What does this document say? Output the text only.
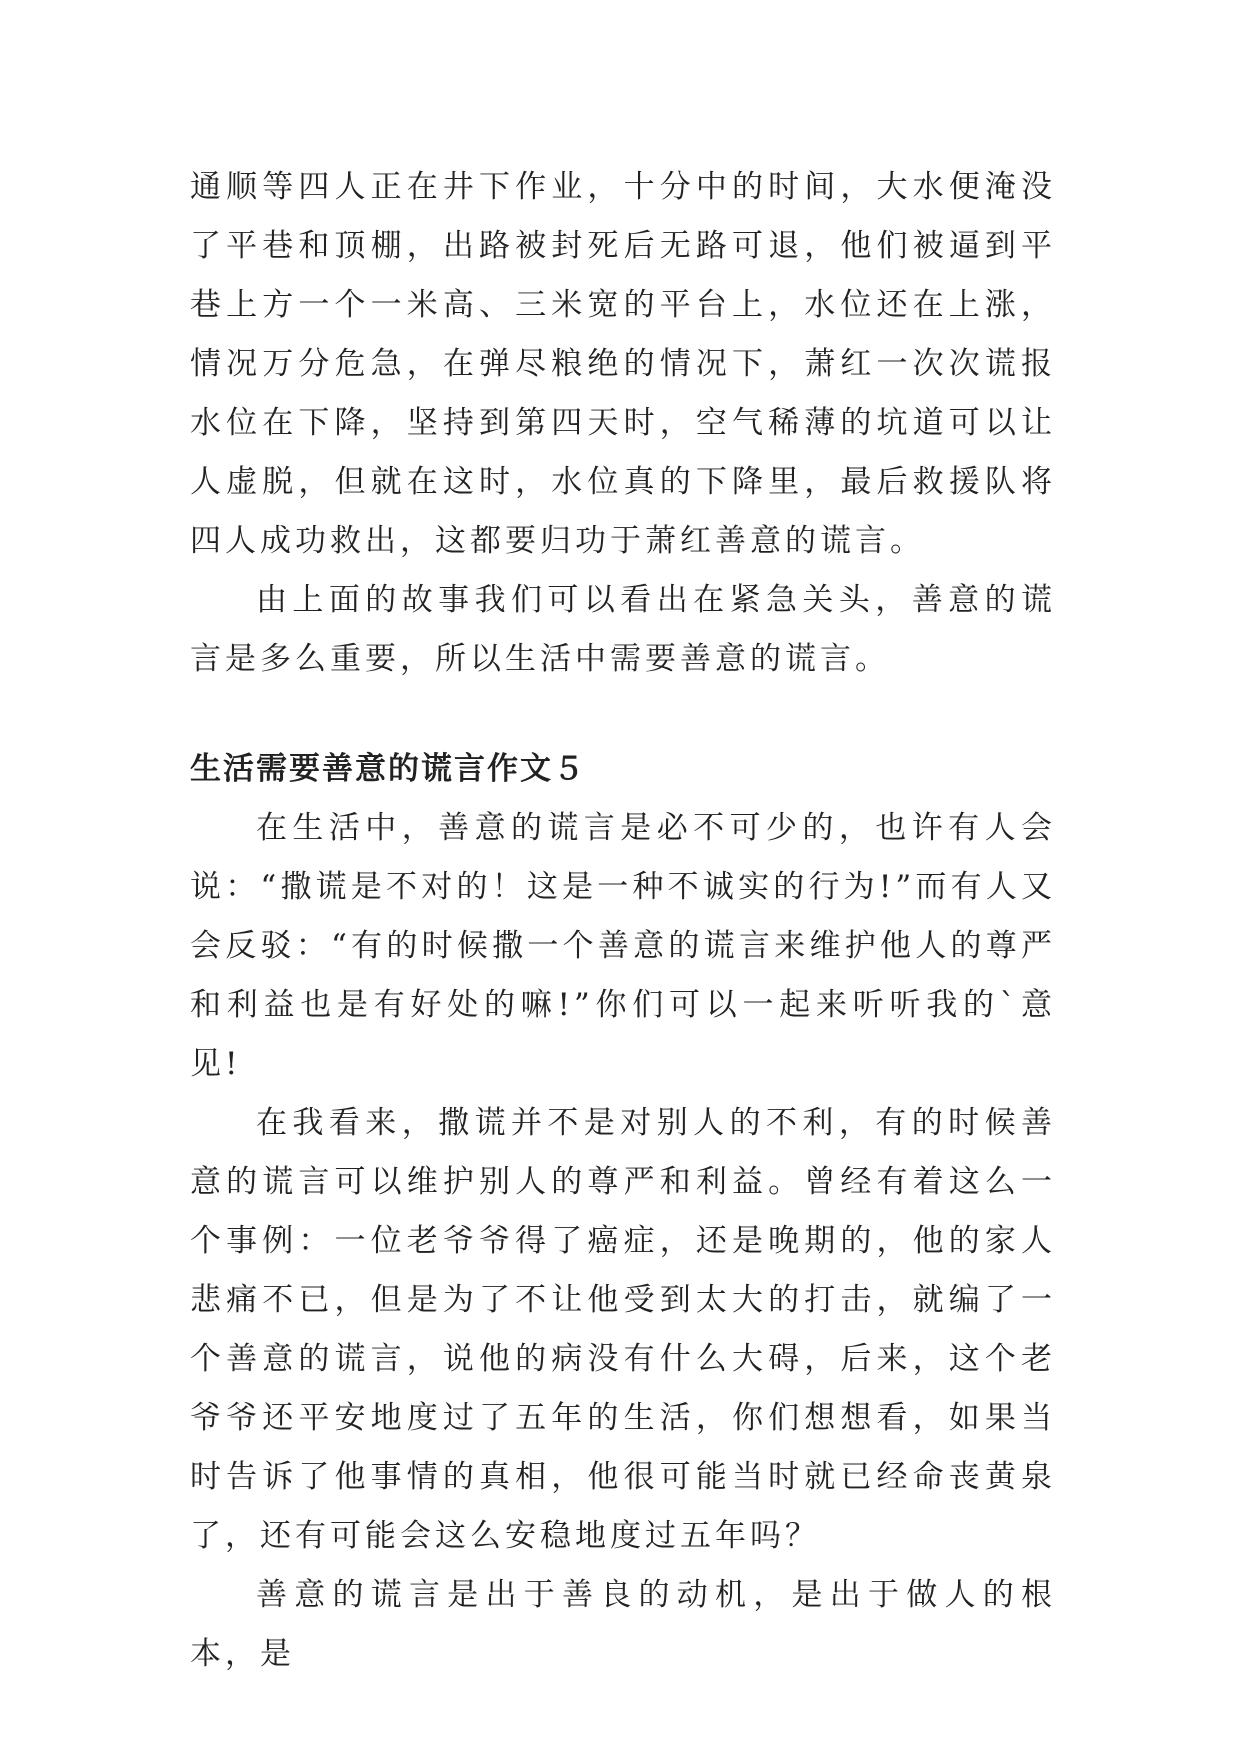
通顺等四人正在井下作业，十分中的时间，大水便淹没了平巷和顶棚，出路被封死后无路可退，他们被逼到平巷上方一个一米高、三米宽的平台上，水位还在上涨，情况万分危急，在弹尽粮绝的情况下，萧红一次次谎报水位在下降，坚持到第四天时，空气稀薄的坑道可以让人虚脱，但就在这时，水位真的下降里，最后救援队将四人成功救出，这都要归功于萧红善意的谎言。

由上面的故事我们可以看出在紧急关头，善意的谎言是多么重要，所以生活中需要善意的谎言。

生活需要善意的谎言作文５

在生活中，善意的谎言是必不可少的，也许有人会说：“撒谎是不对的！这是一种不诚实的行为!”而有人又会反驳：“有的时候撒一个善意的谎言来维护他人的尊严和利益也是有好处的嘛!”你们可以一起来听听我的`意见!

在我看来，撒谎并不是对别人的不利，有的时候善意的谎言可以维护别人的尊严和利益。曾经有着这么一个事例：一位老爷爷得了癌症，还是晚期的，他的家人悲痛不已，但是为了不让他受到太大的打击，就编了一个善意的谎言，说他的病没有什么大碍，后来，这个老爷爷还平安地度过了五年的生活，你们想想看，如果当时告诉了他事情的真相，他很可能当时就已经命丧黄泉了，还有可能会这么安稳地度过五年吗？

善意的谎言是出于善良的动机，是出于做人的根本，是
